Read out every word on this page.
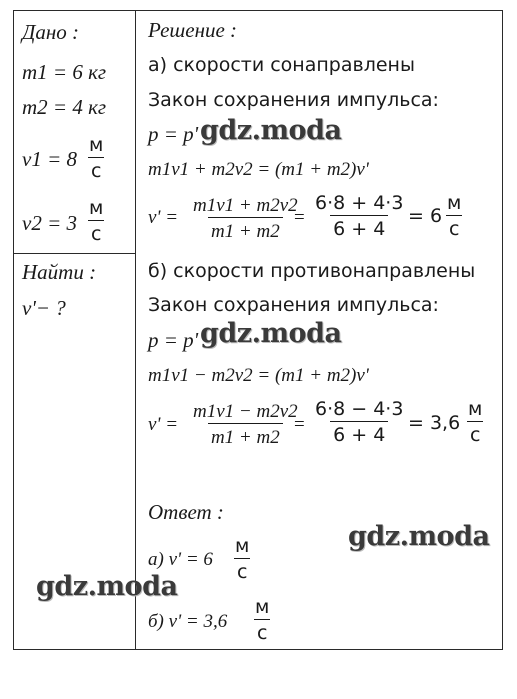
Дано :
m1 = 6 кг
m2 = 4 кг
v1 = 8
м
с
v2 = 3
м
с
Найти :
v'− ?
Решение :
а) скорости сонаправлены
Закон сохранения импульса:
p = p'
m1v1 + m2v2 = (m1 + m2)v'
$v' = \frac{m1v1 + m2v2}{m1 + m2}$
= $\frac{6\cdot 8 + 4\cdot 3}{6 + 4} = 6$
м
с
б) скорости противонаправлены
Закон сохранения импульса:
p = p'
m1v1 − m2v2 = (m1 + m2)v'
$v' = \frac{m1v1 - m2v2}{m1 + m2}$
= $\frac{6\cdot 8 - 4\cdot 3}{6 + 4} = 3,6$
м
с
Ответ :
а) v' = 6
м
с
б) v' = 3,6
м
с
gdz.moda
gdz.moda
gdz.moda
gdz.moda
